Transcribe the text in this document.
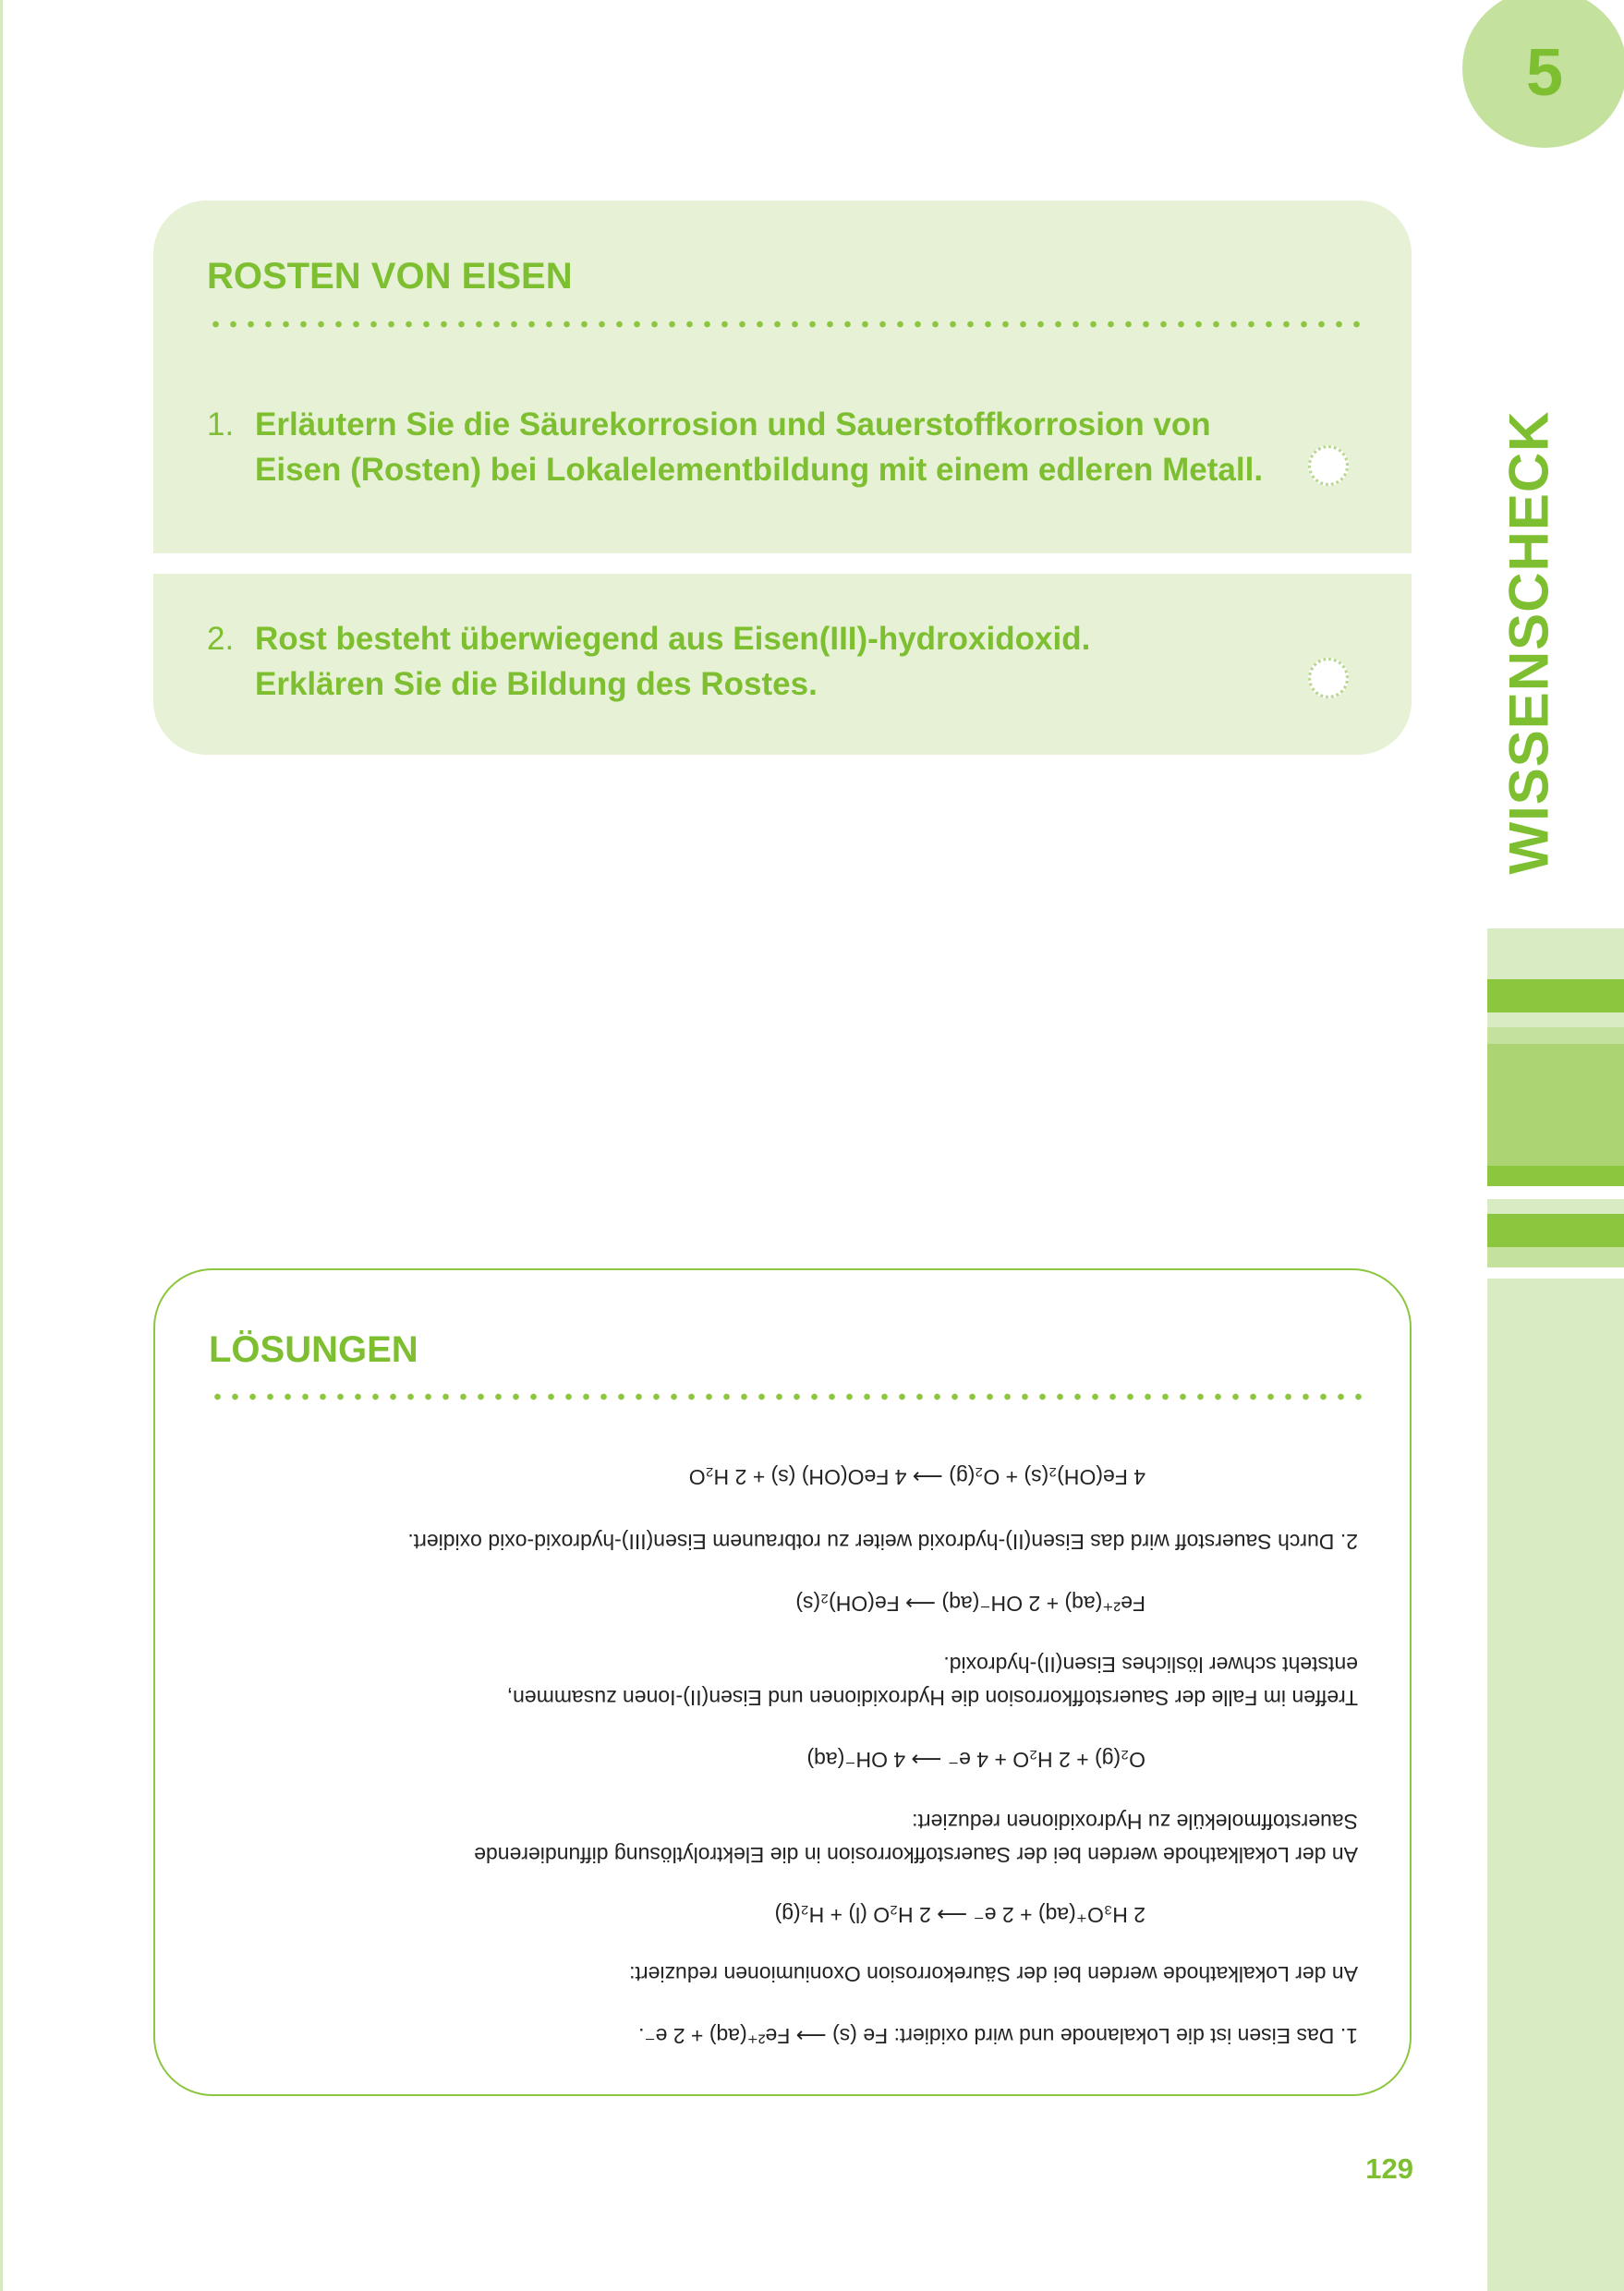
5
WISSENSCHECK
ROSTEN VON EISEN
1. Erläutern Sie die Säurekorrosion und Sauerstoffkorrosion von
Eisen (Rosten) bei Lokalelementbildung mit einem edleren Metall.
2. Rost besteht überwiegend aus Eisen(III)-hydroxidoxid.
Erklären Sie die Bildung des Rostes.
LÖSUNGEN
1. Das Eisen ist die Lokalanode und wird oxidiert: Fe (s) ⟶ Fe²⁺(aq) + 2 e⁻.
An der Lokalkathode werden bei der Säurekorrosion Oxoniumionen reduziert:
2 H₃O⁺(aq) + 2 e⁻ ⟶ 2 H₂O (l) + H₂(g)
An der Lokalkathode werden bei der Sauerstoffkorrosion in die Elektrolytlösung diffundierende
Sauerstoffmoleküle zu Hydroxidionen reduziert:
O₂(g) + 2 H₂O + 4 e⁻ ⟶ 4 OH⁻(aq)
Treffen im Falle der Sauerstoffkorrosion die Hydroxidionen und Eisen(II)-Ionen zusammen,
entsteht schwer lösliches Eisen(II)-hydroxid.
Fe²⁺(aq) + 2 OH⁻(aq) ⟶ Fe(OH)₂(s)
2. Durch Sauerstoff wird das Eisen(II)-hydroxid weiter zu rotbraunem Eisen(III)-hydroxid-oxid oxidiert.
4 Fe(OH)₂(s) + O₂(g) ⟶ 4 FeO(OH) (s) + 2 H₂O
129
